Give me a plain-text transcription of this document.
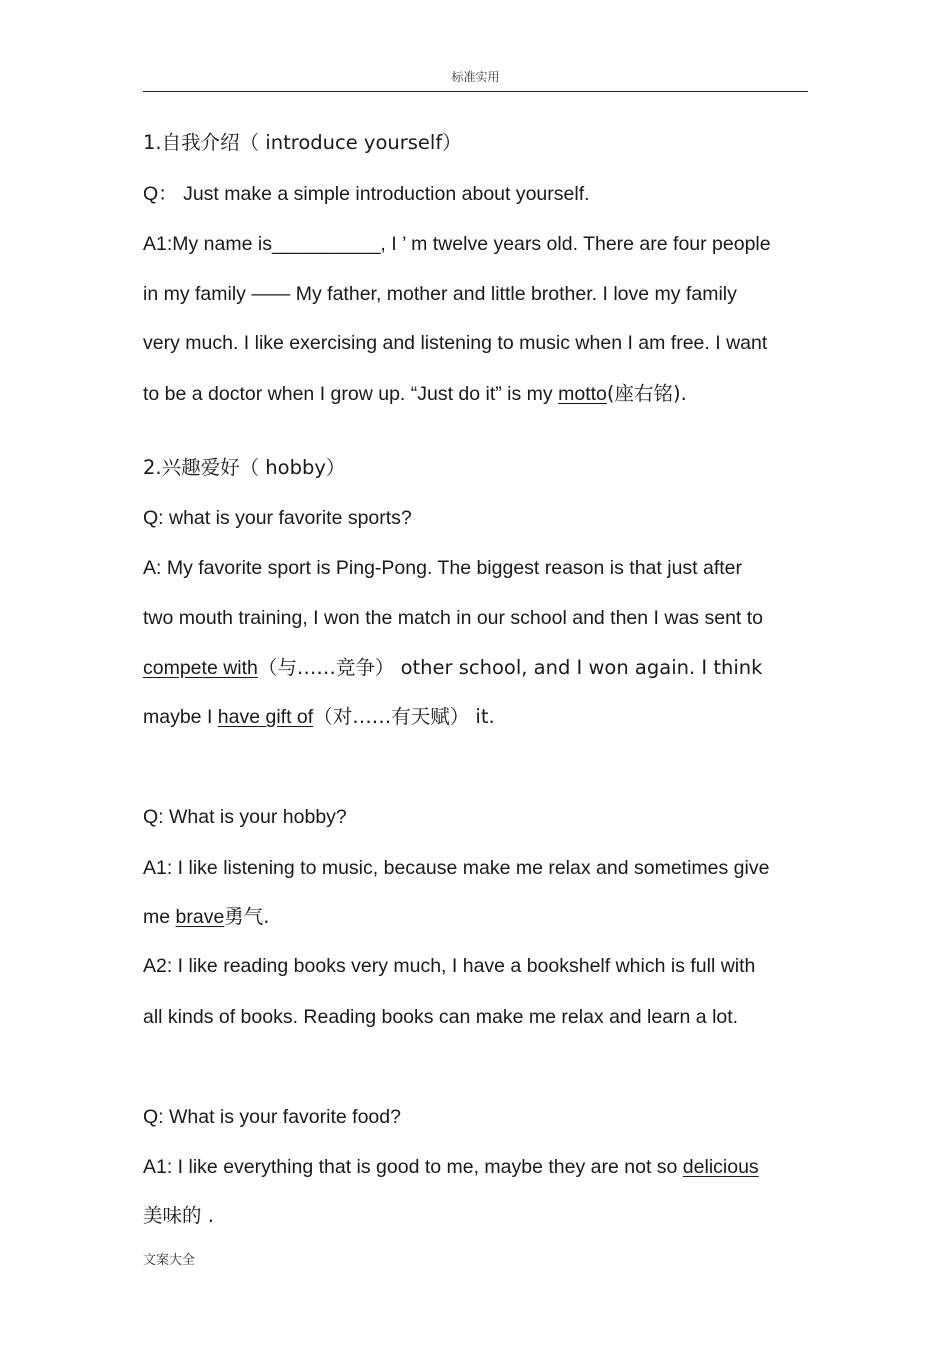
标准实用
1.自我介绍（ introduce yourself）
Q： Just make a simple introduction about yourself.
A1:My name is__________, I ’ m twelve years old. There are four people
in my family —— My father, mother and little brother. I love my family
very much. I like exercising and listening to music when I am free. I want
to be a doctor when I grow up. “Just do it” is my motto(座右铭).
2.兴趣爱好（ hobby）
Q: what is your favorite sports?
A: My favorite sport is Ping-Pong. The biggest reason is that just after
two mouth training, I won the match in our school and then I was sent to
compete with（与……竞争） other school, and I won again. I think
maybe I have gift of（对……有天赋） it.
Q: What is your hobby?
A1: I like listening to music, because make me relax and sometimes give
me brave勇气.
A2: I like reading books very much, I have a bookshelf which is full with
all kinds of books. Reading books can make me relax and learn a lot.
Q: What is your favorite food?
A1: I like everything that is good to me, maybe they are not so delicious
美味的 .
文案大全
